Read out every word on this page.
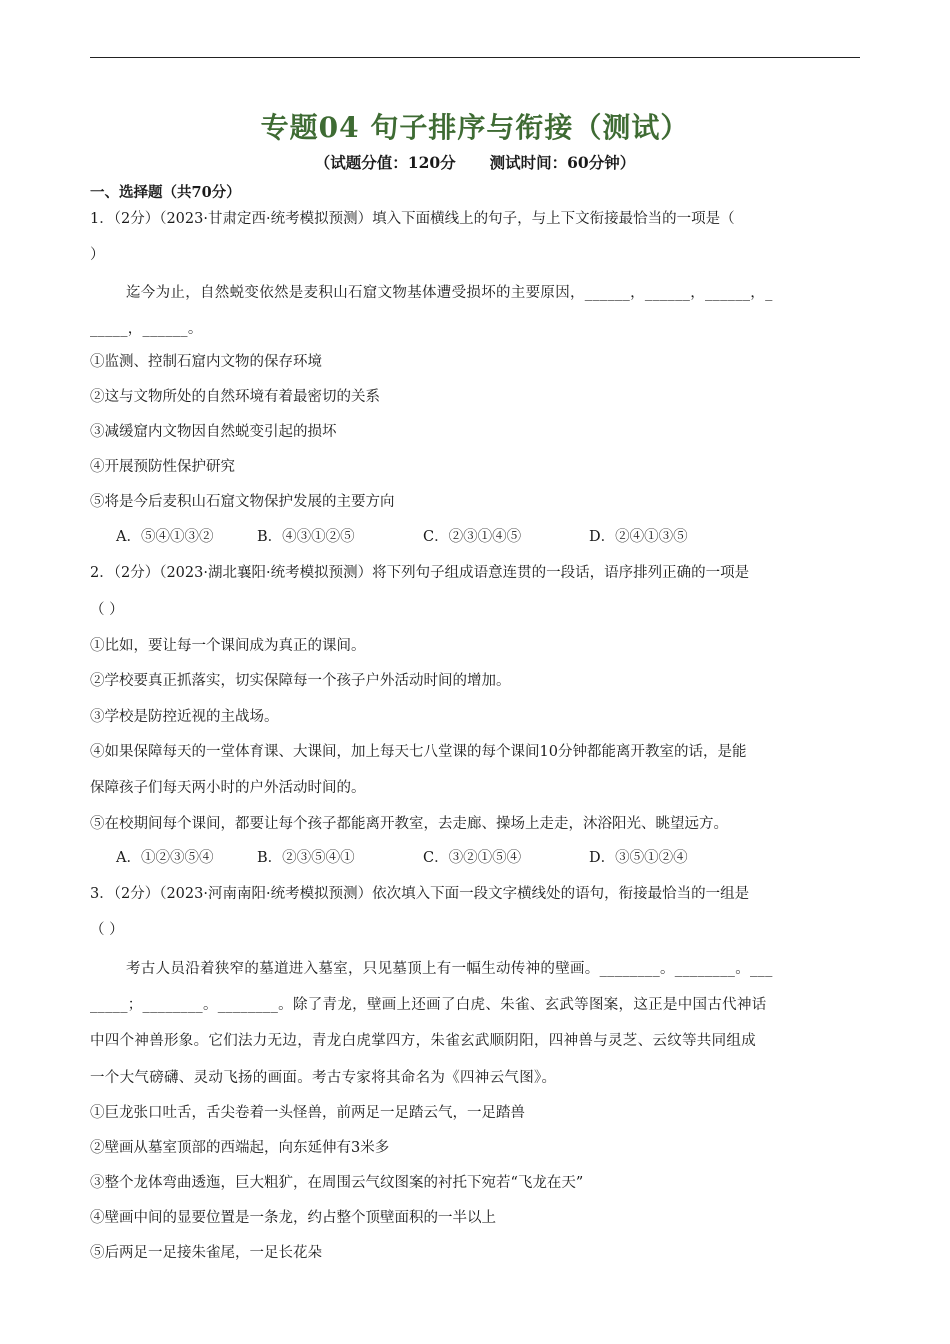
专题04 句子排序与衔接（测试）
（试题分值：120分 测试时间：60分钟）
一、选择题（共70分）
1．（2分）（2023·甘肃定西·统考模拟预测）填入下面横线上的句子，与上下文衔接最恰当的一项是（
）
迄今为止，自然蜕变依然是麦积山石窟文物基体遭受损坏的主要原因，______，______，______，_
_____，______。
①监测、控制石窟内文物的保存环境
②这与文物所处的自然环境有着最密切的关系
③减缓窟内文物因自然蜕变引起的损坏
④开展预防性保护研究
⑤将是今后麦积山石窟文物保护发展的主要方向
A．⑤④①③②	B．④③①②⑤	C．②③①④⑤	D．②④①③⑤
2．（2分）（2023·湖北襄阳·统考模拟预测）将下列句子组成语意连贯的一段话，语序排列正确的一项是
（ ）
①比如，要让每一个课间成为真正的课间。
②学校要真正抓落实，切实保障每一个孩子户外活动时间的增加。
③学校是防控近视的主战场。
④如果保障每天的一堂体育课、大课间，加上每天七八堂课的每个课间10分钟都能离开教室的话，是能
保障孩子们每天两小时的户外活动时间的。
⑤在校期间每个课间，都要让每个孩子都能离开教室，去走廊、操场上走走，沐浴阳光、眺望远方。
A．①②③⑤④	B．②③⑤④①	C．③②①⑤④	D．③⑤①②④
3．（2分）（2023·河南南阳·统考模拟预测）依次填入下面一段文字横线处的语句，衔接最恰当的一组是
（ ）
考古人员沿着狭窄的墓道进入墓室，只见墓顶上有一幅生动传神的壁画。________。________。___
_____；________。________。除了青龙，壁画上还画了白虎、朱雀、玄武等图案，这正是中国古代神话
中四个神兽形象。它们法力无边，青龙白虎掌四方，朱雀玄武顺阴阳，四神兽与灵芝、云纹等共同组成
一个大气磅礴、灵动飞扬的画面。考古专家将其命名为《四神云气图》。
①巨龙张口吐舌，舌尖卷着一头怪兽，前两足一足踏云气，一足踏兽
②壁画从墓室顶部的西端起，向东延伸有3米多
③整个龙体弯曲透迤，巨大粗犷，在周围云气纹图案的衬托下宛若“飞龙在天”
④壁画中间的显要位置是一条龙，约占整个顶壁面积的一半以上
⑤后两足一足接朱雀尾，一足长花朵
